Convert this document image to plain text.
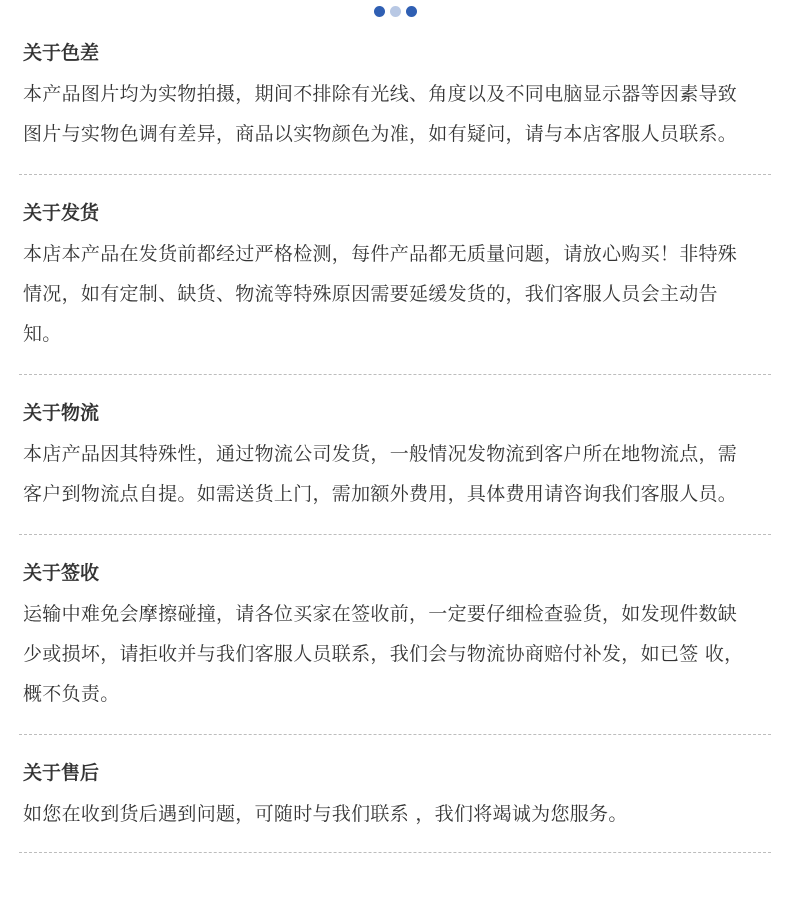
关于色差
本产品图片均为实物拍摄，期间不排除有光线、角度以及不同电脑显示器等因素导致
图片与实物色调有差异，商品以实物颜色为准，如有疑问，请与本店客服人员联系。
关于发货
本店本产品在发货前都经过严格检测，每件产品都无质量问题，请放心购买！非特殊
情况，如有定制、缺货、物流等特殊原因需要延缓发货的，我们客服人员会主动告
知。
关于物流
本店产品因其特殊性，通过物流公司发货，一般情况发物流到客户所在地物流点，需
客户到物流点自提。如需送货上门，需加额外费用，具体费用请咨询我们客服人员。
关于签收
运输中难免会摩擦碰撞，请各位买家在签收前，一定要仔细检查验货，如发现件数缺
少或损坏，请拒收并与我们客服人员联系，我们会与物流协商赔付补发，如已签 收，
概不负责。
关于售后
如您在收到货后遇到问题，可随时与我们联系 ，我们将竭诚为您服务。
